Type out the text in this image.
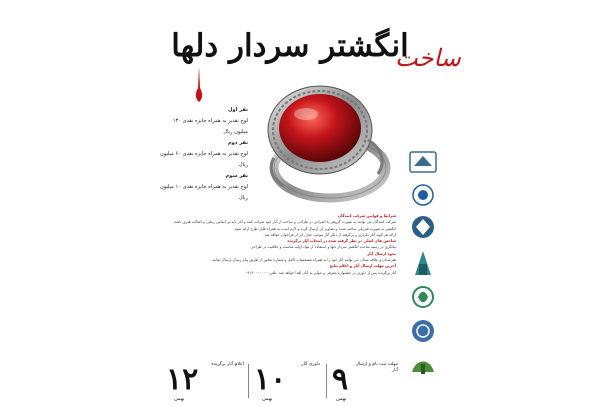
انگشتر سردار دلها
ساخت
نفر اول
لوح تقدیر به همراه جایزه نقدی ۱۳۰ میلیون ریال
نفر دوم
لوح تقدیر به همراه جایزه نقدی ۶۰ میلیون ریال
نفر سوم
لوح تقدیر به همراه جایزه نقدی ۱۰ میلیون ریال

شرایط و قوانین شرکت کنندگان

شرکت کنندگان می توانند به صورت گروهی یا انفرادی در طراحی و ساخت از آثار خود شرکت کنند و آثار باید بر اساس زیبایی و اصالت هنری باشد.

انگشتر به صورت فیزیکی ساخته شده و تصاویر آن ارسال گردد و لازم است به همراه فایل طرح ارائه شود.

ارائه هر گونه آثار تکراری و برگرفته از دیگر آثار موجب حذف اثر از فراخوان خواهد شد.

شاخص های اصلی در نظر گرفته شده در انتخاب آثار برگزیده

بیانگری در زمینه ساخت انگشتر سردار دلها و استفاده از مواد اولیه مناسب و خلاقیت در طراحی

نحوه ارسال آثار

هنرمندان و علاقه مندان می توانند آثار خود را به همراه مشخصات کامل و شماره تماس از طریق پیام رسان ارسال نمایند.

آخرین مهلت ارسال آثار و اعلام نتایج

آثار برگزیده پس از داوری در جشنواره معرفی و جوایز به آنان اهدا خواهد شد. تلفن: ۰۹۱۳۰۰۰۰۰۰۰

۱۲
بهمن
اعلام آثار برگزیده ۱۰
بهمن
داوری آثار ۹
بهمن
مهلت ثبت نام و ارسال آثار
